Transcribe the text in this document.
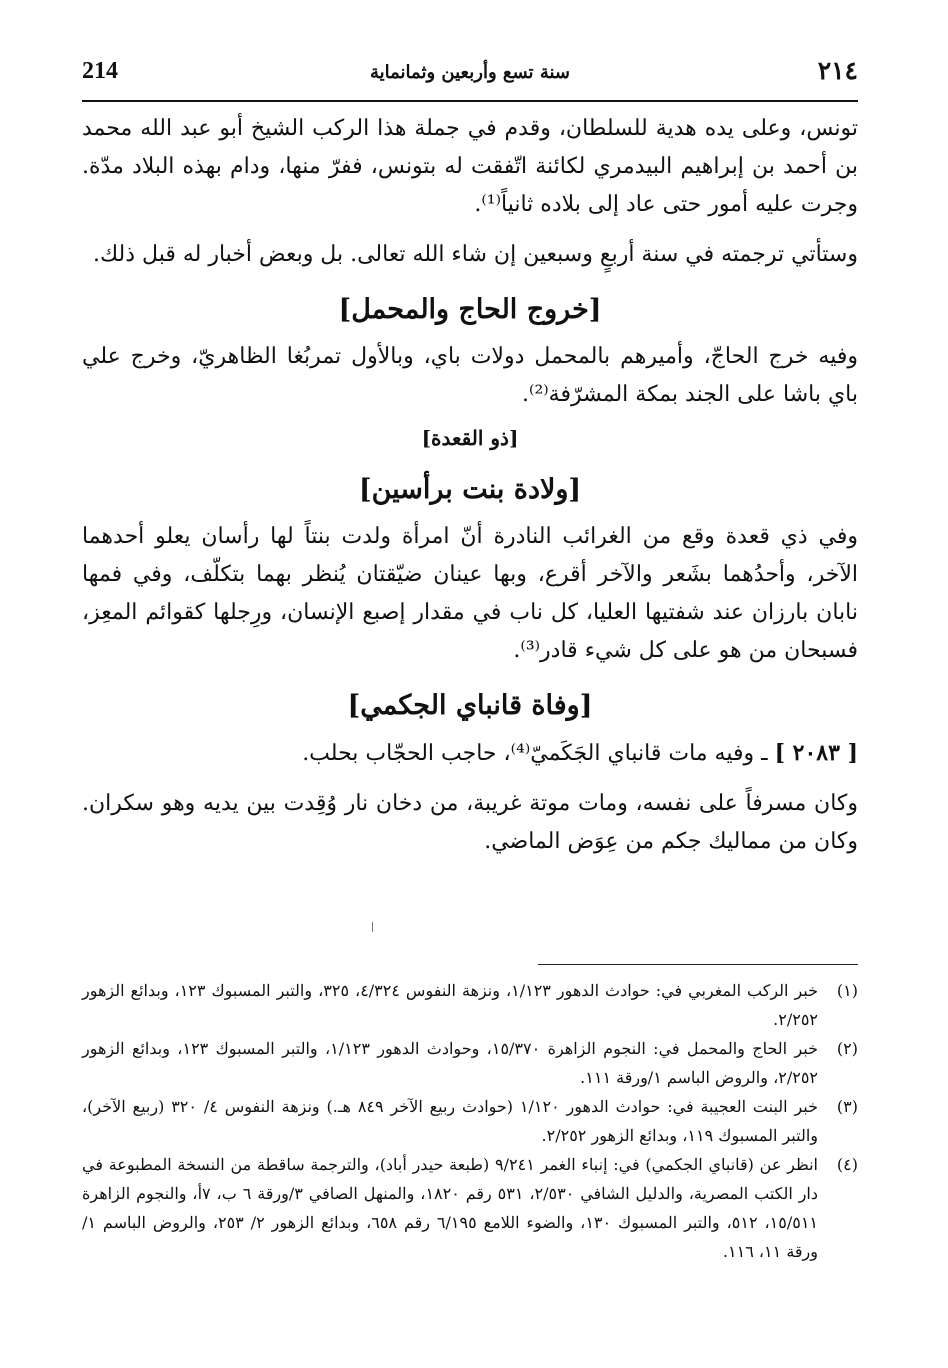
214	سنة تسع وأربعين وثمانماية	٢١٤

تونس، وعلى يده هدية للسلطان، وقدم في جملة هذا الركب الشيخ أبو عبد الله محمد بن أحمد بن إبراهيم البيدمري لكائنة اتّفقت له بتونس، ففرّ منها، ودام بهذه البلاد مدّة. وجرت عليه أمور حتى عاد إلى بلاده ثانياً⁽¹⁾.

وستأتي ترجمته في سنة أربعٍ وسبعين إن شاء الله تعالى. بل وبعض أخبار له قبل ذلك.

[خروج الحاج والمحمل]

وفيه خرج الحاجّ، وأميرهم بالمحمل دولات باي، وبالأول تمربُغا الظاهريّ، وخرج علي باي باشا على الجند بمكة المشرّفة⁽²⁾.

[ذو القعدة]
[ولادة بنت برأسين]

وفي ذي قعدة وقع من الغرائب النادرة أنّ امرأة ولدت بنتاً لها رأسان يعلو أحدهما الآخر، وأحدُهما بشَعر والآخر أقرع، وبها عينان ضيّقتان يُنظر بهما بتكلّف، وفي فمها نابان بارزان عند شفتيها العليا، كل ناب في مقدار إصبع الإنسان، ورِجلها كقوائم المعِز، فسبحان من هو على كل شيء قادر⁽³⁾.

[وفاة قانباي الجكمي]

[ ٢٠٨٣ ] ـ وفيه مات قانباي الجَكَميّ⁽⁴⁾، حاجب الحجّاب بحلب.

وكان مسرفاً على نفسه، ومات موتة غريبة، من دخان نار وُقِدت بين يديه وهو سكران. وكان من مماليك جكم من عِوَض الماضي.

(١)
خبر الركب المغربي في: حوادث الدهور ١/١٢٣، ونزهة النفوس ٤/٣٢٤، ٣٢٥، والتبر المسبوك ١٢٣، وبدائع الزهور ٢/٢٥٢.
(٢)
خبر الحاج والمحمل في: النجوم الزاهرة ١٥/٣٧٠، وحوادث الدهور ١/١٢٣، والتبر المسبوك ١٢٣، وبدائع الزهور ٢/٢٥٢، والروض الباسم ١/ورقة ١١١.
(٣)
خبر البنت العجيبة في: حوادث الدهور ١/١٢٠ (حوادث ربيع الآخر ٨٤٩ هـ.) ونزهة النفوس ٤/ ٣٢٠ (ربيع الآخر)، والتبر المسبوك ١١٩، وبدائع الزهور ٢/٢٥٢.
(٤)
انظر عن (قانباي الجكمي) في: إنباء الغمر ٩/٢٤١ (طبعة حيدر أباد)، والترجمة ساقطة من النسخة المطبوعة في دار الكتب المصرية، والدليل الشافي ٢/٥٣٠، ٥٣١ رقم ١٨٢٠، والمنهل الصافي ٣/ورقة ٦ ب، ٧أ، والنجوم الزاهرة ١٥/٥١١، ٥١٢، والتبر المسبوك ١٣٠، والضوء اللامع ٦/١٩٥ رقم ٦٥٨، وبدائع الزهور ٢/ ٢٥٣، والروض الباسم ١/ورقة ١١، ١١٦.
